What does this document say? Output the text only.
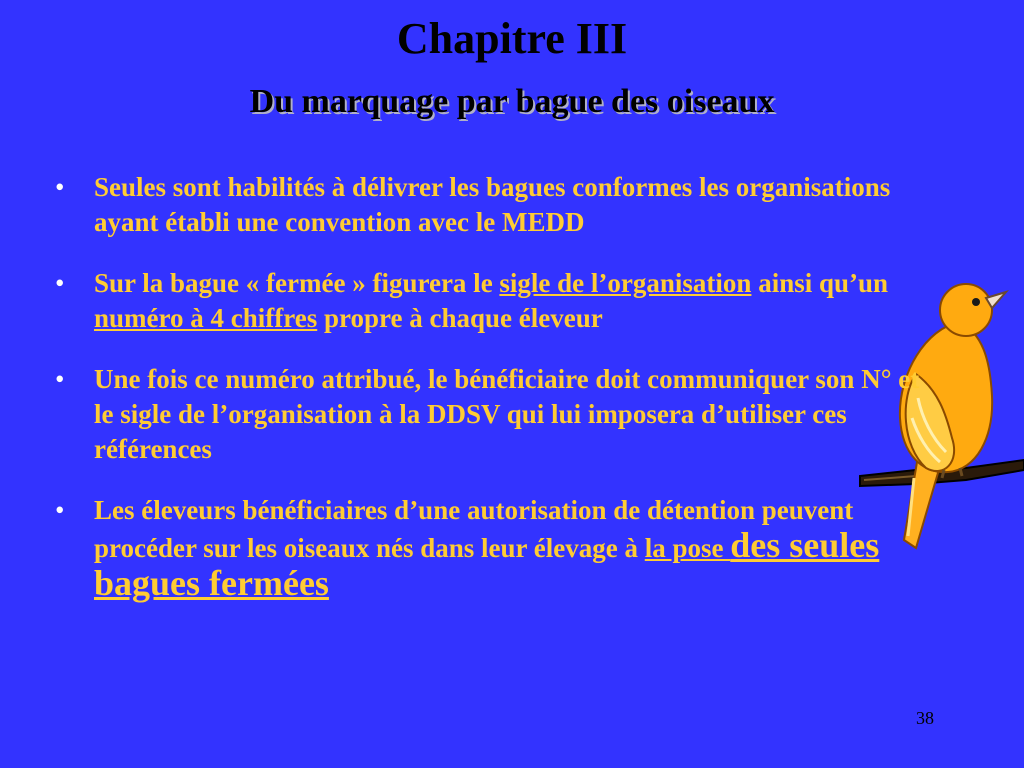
Chapitre III
Du marquage par bague des oiseaux
• Seules sont habilités à délivrer les bagues conformes les organisations ayant établi une convention avec le MEDD
• Sur la bague « fermée » figurera le sigle de l’organisation ainsi qu’un numéro à 4 chiffres propre à chaque éleveur
• Une fois ce numéro attribué, le bénéficiaire doit communiquer son N° et le sigle de l’organisation à la DDSV qui lui imposera d’utiliser ces références
• Les éleveurs bénéficiaires d’une autorisation de détention peuvent procéder sur les oiseaux nés dans leur élevage à la pose des seules bagues fermées
38
